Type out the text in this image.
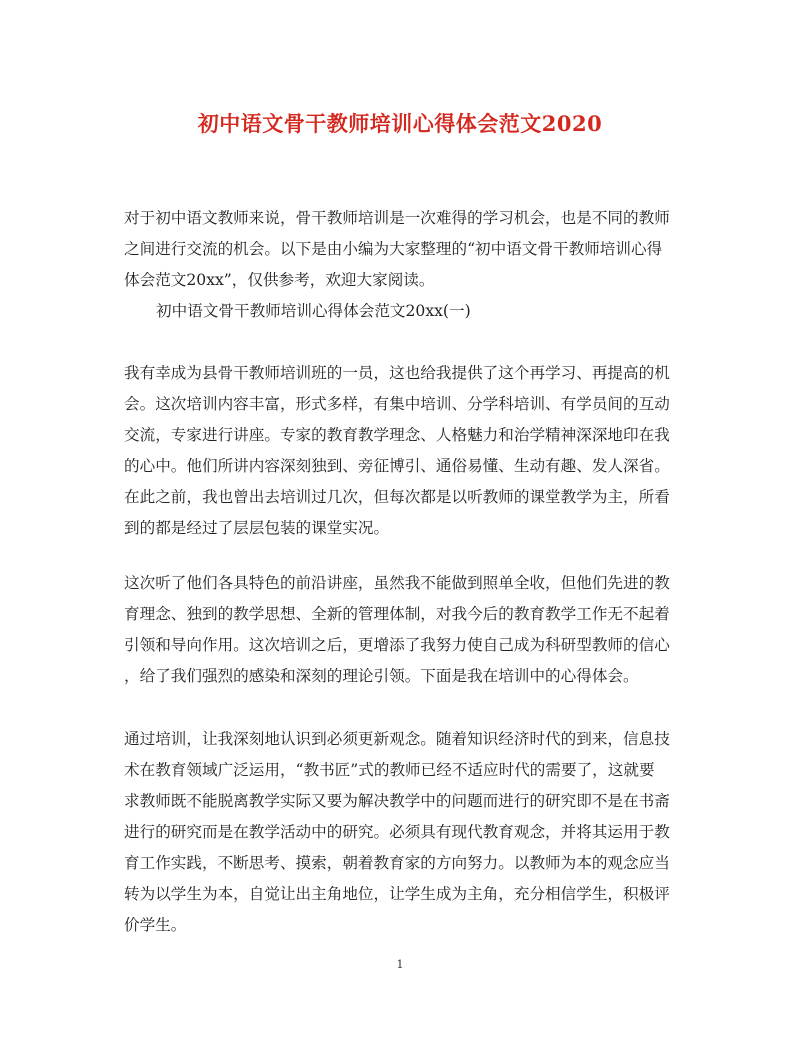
初中语文骨干教师培训心得体会范文2020
对于初中语文教师来说，骨干教师培训是一次难得的学习机会，也是不同的教师
之间进行交流的机会。以下是由小编为大家整理的“初中语文骨干教师培训心得
体会范文20xx”，仅供参考，欢迎大家阅读。
初中语文骨干教师培训心得体会范文20xx(一)
我有幸成为县骨干教师培训班的一员，这也给我提供了这个再学习、再提高的机
会。这次培训内容丰富，形式多样，有集中培训、分学科培训、有学员间的互动
交流，专家进行讲座。专家的教育教学理念、人格魅力和治学精神深深地印在我
的心中。他们所讲内容深刻独到、旁征博引、通俗易懂、生动有趣、发人深省。
在此之前，我也曾出去培训过几次，但每次都是以听教师的课堂教学为主，所看
到的都是经过了层层包装的课堂实况。
这次听了他们各具特色的前沿讲座，虽然我不能做到照单全收，但他们先进的教
育理念、独到的教学思想、全新的管理体制，对我今后的教育教学工作无不起着
引领和导向作用。这次培训之后，更增添了我努力使自己成为科研型教师的信心
，给了我们强烈的感染和深刻的理论引领。下面是我在培训中的心得体会。
通过培训，让我深刻地认识到必须更新观念。随着知识经济时代的到来，信息技
术在教育领域广泛运用，“教书匠”式的教师已经不适应时代的需要了，这就要
求教师既不能脱离教学实际又要为解决教学中的问题而进行的研究即不是在书斋
进行的研究而是在教学活动中的研究。必须具有现代教育观念，并将其运用于教
育工作实践，不断思考、摸索，朝着教育家的方向努力。以教师为本的观念应当
转为以学生为本，自觉让出主角地位，让学生成为主角，充分相信学生，积极评
价学生。
1
